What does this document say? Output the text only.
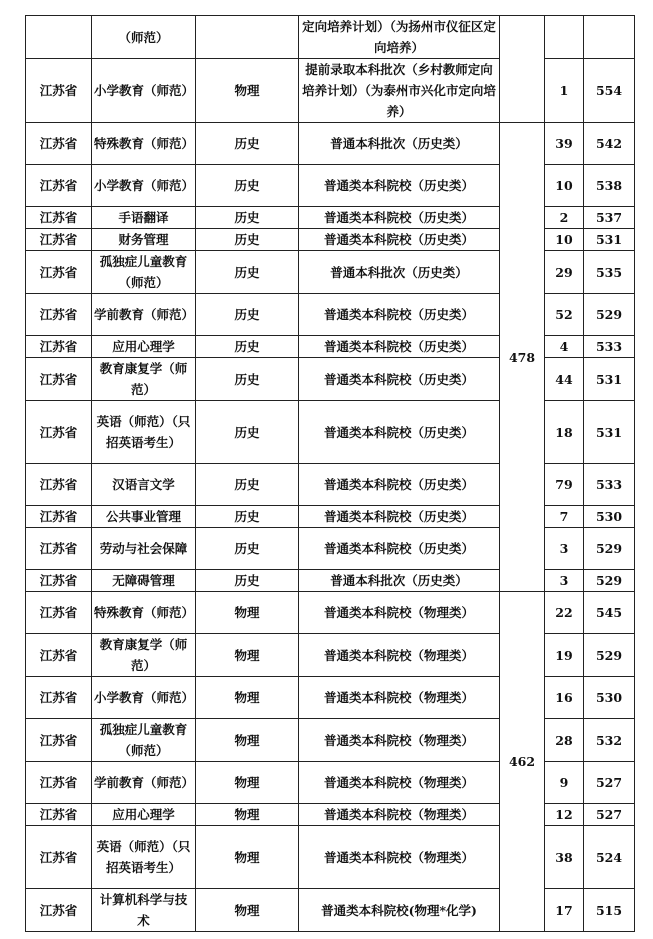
	（师范）		定向培养计划）（为扬州市仪征区定向培养）			
江苏省	小学教育（师范）	物理	提前录取本科批次（乡村教师定向培养计划）（为泰州市兴化市定向培养）		1	554
江苏省	特殊教育（师范）	历史	普通本科批次（历史类）	478	39	542
江苏省	小学教育（师范）	历史	普通类本科院校（历史类）		10	538
江苏省	手语翻译	历史	普通类本科院校（历史类）		2	537
江苏省	财务管理	历史	普通类本科院校（历史类）		10	531
江苏省	孤独症儿童教育（师范）	历史	普通本科批次（历史类）		29	535
江苏省	学前教育（师范）	历史	普通类本科院校（历史类）		52	529
江苏省	应用心理学	历史	普通类本科院校（历史类）		4	533
江苏省	教育康复学（师范）	历史	普通类本科院校（历史类）		44	531
江苏省	英语（师范）（只招英语考生）	历史	普通类本科院校（历史类）		18	531
江苏省	汉语言文学	历史	普通类本科院校（历史类）		79	533
江苏省	公共事业管理	历史	普通类本科院校（历史类）		7	530
江苏省	劳动与社会保障	历史	普通类本科院校（历史类）		3	529
江苏省	无障碍管理	历史	普通本科批次（历史类）		3	529
江苏省	特殊教育（师范）	物理	普通类本科院校（物理类）	462	22	545
江苏省	教育康复学（师范）	物理	普通类本科院校（物理类）		19	529
江苏省	小学教育（师范）	物理	普通类本科院校（物理类）		16	530
江苏省	孤独症儿童教育（师范）	物理	普通类本科院校（物理类）		28	532
江苏省	学前教育（师范）	物理	普通类本科院校（物理类）		9	527
江苏省	应用心理学	物理	普通类本科院校（物理类）		12	527
江苏省	英语（师范）（只招英语考生）	物理	普通类本科院校（物理类）		38	524
江苏省	计算机科学与技术	物理	普通类本科院校(物理*化学)		17	515
